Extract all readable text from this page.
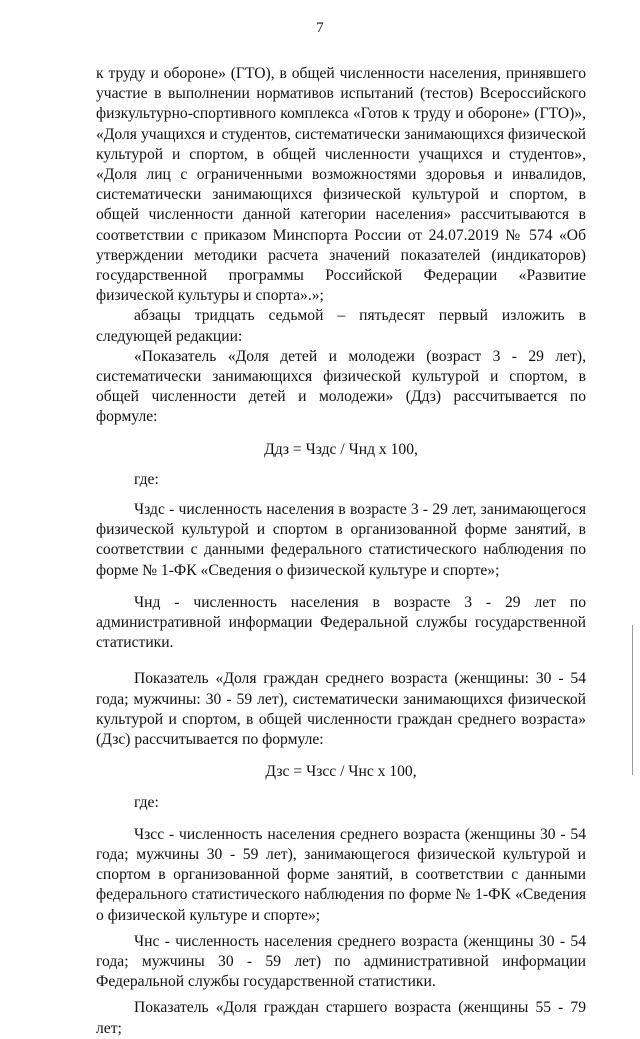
7

к труду и обороне» (ГТО), в общей численности населения, принявшего участие в выполнении нормативов испытаний (тестов) Всероссийского физкультурно-спортивного комплекса «Готов к труду и обороне» (ГТО)», «Доля учащихся и студентов, систематически занимающихся физической культурой и спортом, в общей численности учащихся и студентов», «Доля лиц с ограниченными возможностями здоровья и инвалидов, систематически занимающихся физической культурой и спортом, в общей численности данной категории населения» рассчитываются в соответствии с приказом Минспорта России от 24.07.2019 № 574 «Об утверждении методики расчета значений показателей (индикаторов) государственной программы Российской Федерации «Развитие физической культуры и спорта».»;

абзацы тридцать седьмой – пятьдесят первый изложить в следующей редакции:

«Показатель «Доля детей и молодежи (возраст 3 - 29 лет), систематически занимающихся физической культурой и спортом, в общей численности детей и молодежи» (Ддз) рассчитывается по формуле:

Ддз = Чздс / Чнд х 100,

где:

Чздс - численность населения в возрасте 3 - 29 лет, занимающегося физической культурой и спортом в организованной форме занятий, в соответствии с данными федерального статистического наблюдения по форме № 1-ФК «Сведения о физической культуре и спорте»;

Чнд - численность населения в возрасте 3 - 29 лет по административной информации Федеральной службы государственной статистики.

Показатель «Доля граждан среднего возраста (женщины: 30 - 54 года; мужчины: 30 - 59 лет), систематически занимающихся физической культурой и спортом, в общей численности граждан среднего возраста» (Дзс) рассчитывается по формуле:

Дзс = Чзсс / Чнс х 100,

где:

Чзсс - численность населения среднего возраста (женщины 30 - 54 года; мужчины 30 - 59 лет), занимающегося физической культурой и спортом в организованной форме занятий, в соответствии с данными федерального статистического наблюдения по форме № 1-ФК «Сведения о физической культуре и спорте»;

Чнс - численность населения среднего возраста (женщины 30 - 54 года; мужчины 30 - 59 лет) по административной информации Федеральной службы государственной статистики.

Показатель «Доля граждан старшего возраста (женщины 55 - 79 лет;
